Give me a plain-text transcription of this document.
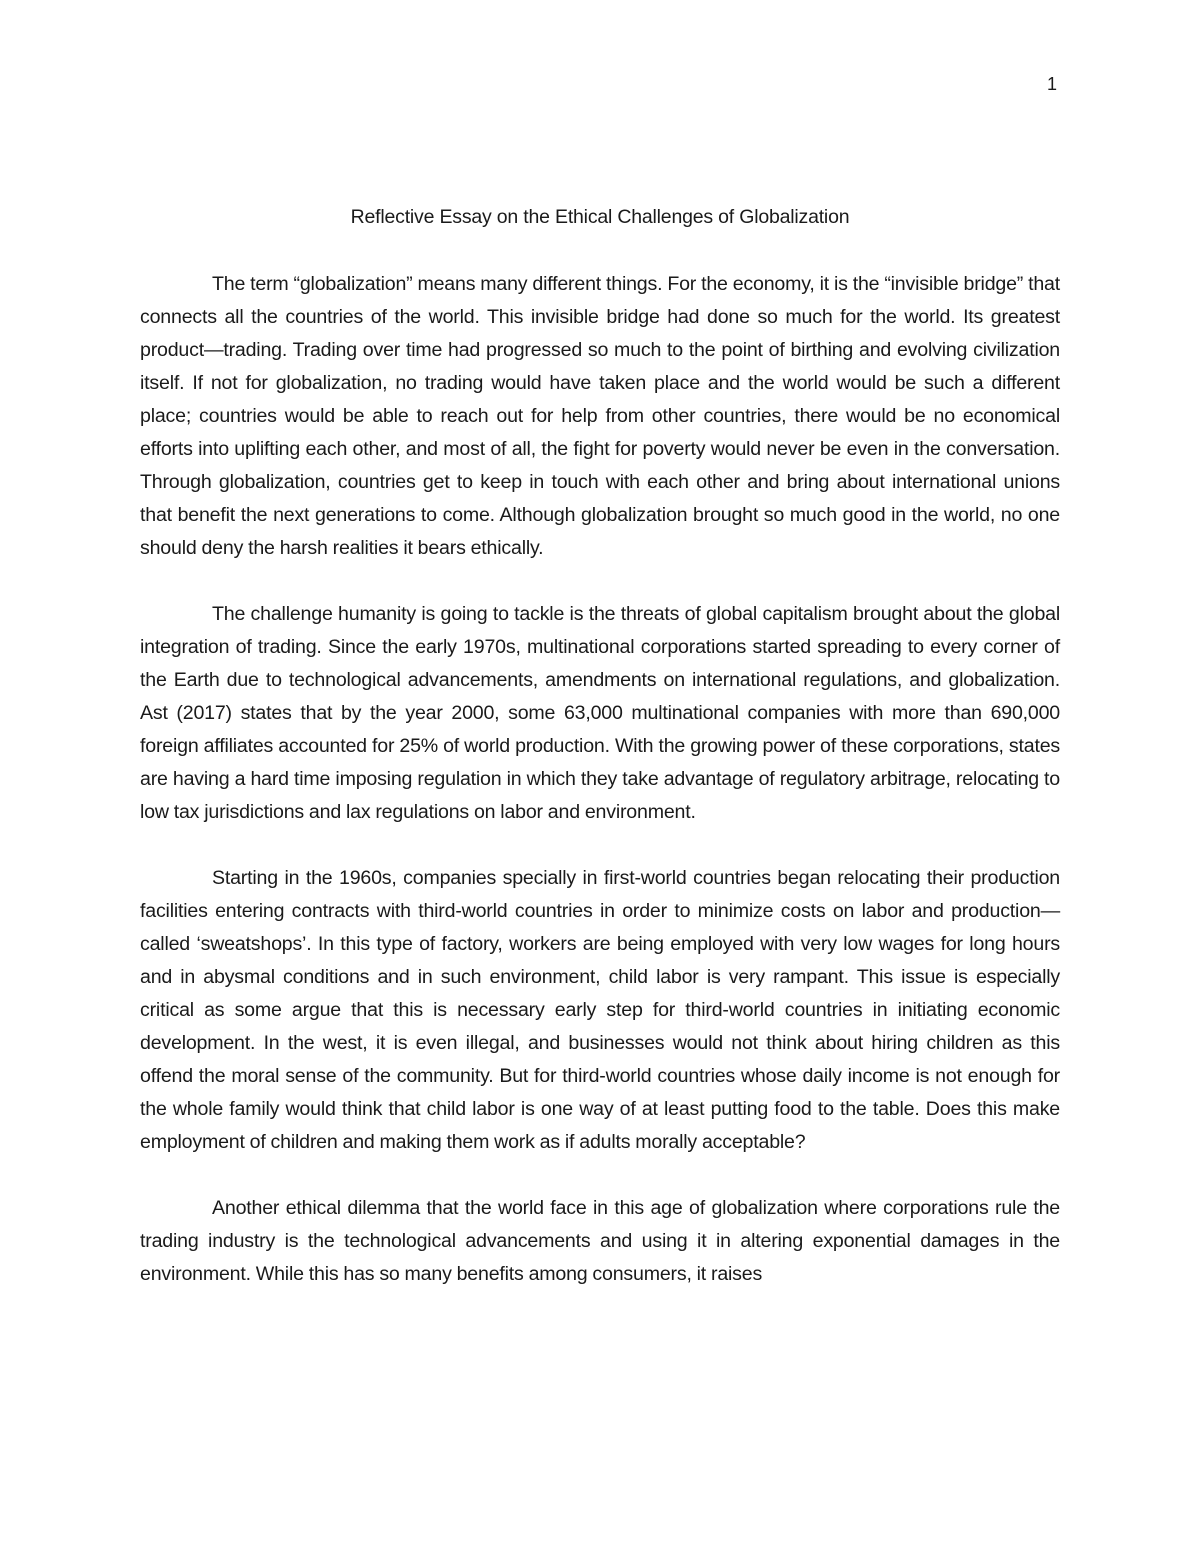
1
Reflective Essay on the Ethical Challenges of Globalization

The term “globalization” means many different things. For the economy, it is the “invisible bridge” that connects all the countries of the world. This invisible bridge had done so much for the world. Its greatest product—trading. Trading over time had progressed so much to the point of birthing and evolving civilization itself. If not for globalization, no trading would have taken place and the world would be such a different place; countries would be able to reach out for help from other countries, there would be no economical efforts into uplifting each other, and most of all, the fight for poverty would never be even in the conversation. Through globalization, countries get to keep in touch with each other and bring about international unions that benefit the next generations to come. Although globalization brought so much good in the world, no one should deny the harsh realities it bears ethically.

The challenge humanity is going to tackle is the threats of global capitalism brought about the global integration of trading. Since the early 1970s, multinational corporations started spreading to every corner of the Earth due to technological advancements, amendments on international regulations, and globalization. Ast (2017) states that by the year 2000, some 63,000 multinational companies with more than 690,000 foreign affiliates accounted for 25% of world production. With the growing power of these corporations, states are having a hard time imposing regulation in which they take advantage of regulatory arbitrage, relocating to low tax jurisdictions and lax regulations on labor and environment.

Starting in the 1960s, companies specially in first-world countries began relocating their production facilities entering contracts with third-world countries in order to minimize costs on labor and production—called ‘sweatshops’. In this type of factory, workers are being employed with very low wages for long hours and in abysmal conditions and in such environment, child labor is very rampant. This issue is especially critical as some argue that this is necessary early step for third-world countries in initiating economic development. In the west, it is even illegal, and businesses would not think about hiring children as this offend the moral sense of the community. But for third-world countries whose daily income is not enough for the whole family would think that child labor is one way of at least putting food to the table. Does this make employment of children and making them work as if adults morally acceptable?

Another ethical dilemma that the world face in this age of globalization where corporations rule the trading industry is the technological advancements and using it in altering exponential damages in the environment. While this has so many benefits among consumers, it raises
